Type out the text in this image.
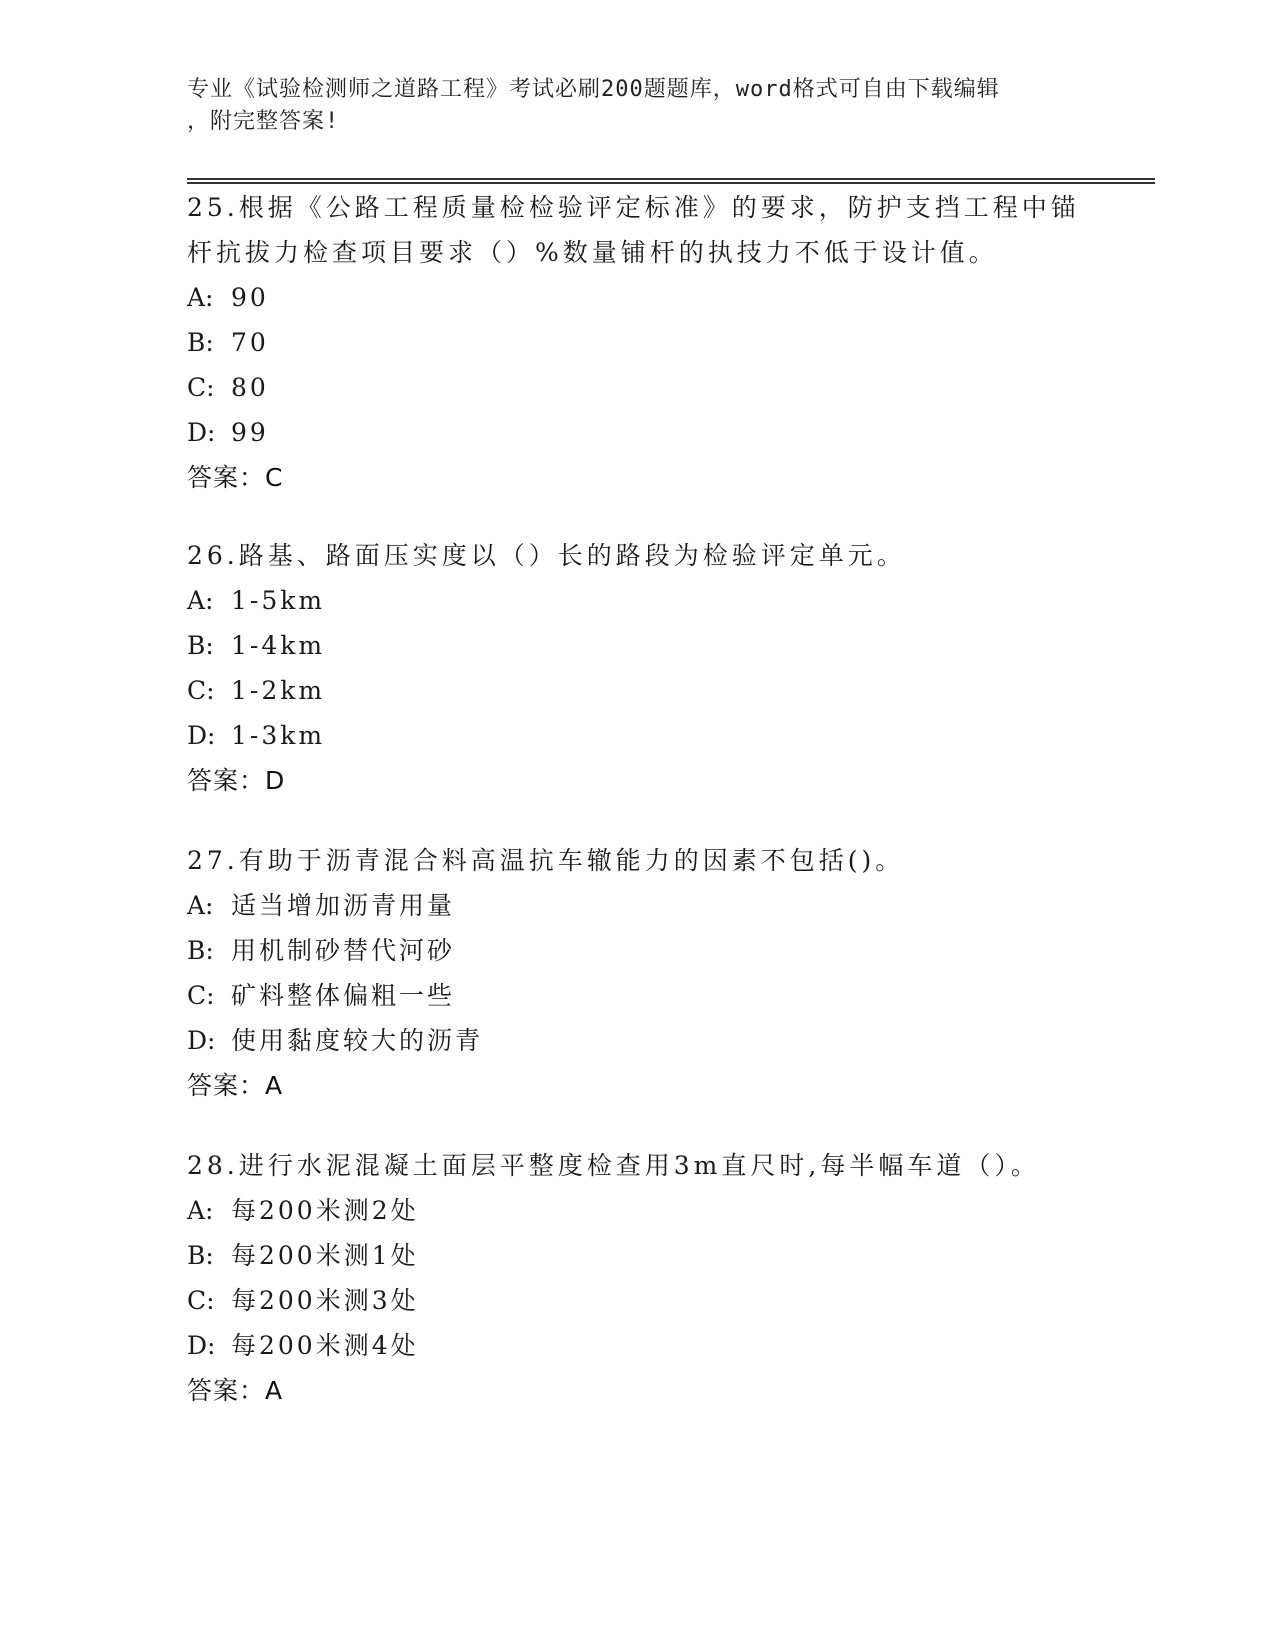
专业《试验检测师之道路工程》考试必刷200题题库，word格式可自由下载编辑
，附完整答案!
25.根据《公路工程质量检检验评定标准》的要求，防护支挡工程中锚
杆抗拔力检查项目要求（）%数量铺杆的执技力不低于设计值。
A: 90
B: 70
C: 80
D: 99
答案：C
26.路基、路面压实度以（）长的路段为检验评定单元。
A: 1-5km
B: 1-4km
C: 1-2km
D: 1-3km
答案：D
27.有助于沥青混合料高温抗车辙能力的因素不包括()。
A: 适当增加沥青用量
B: 用机制砂替代河砂
C: 矿料整体偏粗一些
D: 使用黏度较大的沥青
答案：A
28.进行水泥混凝土面层平整度检查用3m直尺时,每半幅车道（）。
A: 每200米测2处
B: 每200米测1处
C: 每200米测3处
D: 每200米测4处
答案：A
